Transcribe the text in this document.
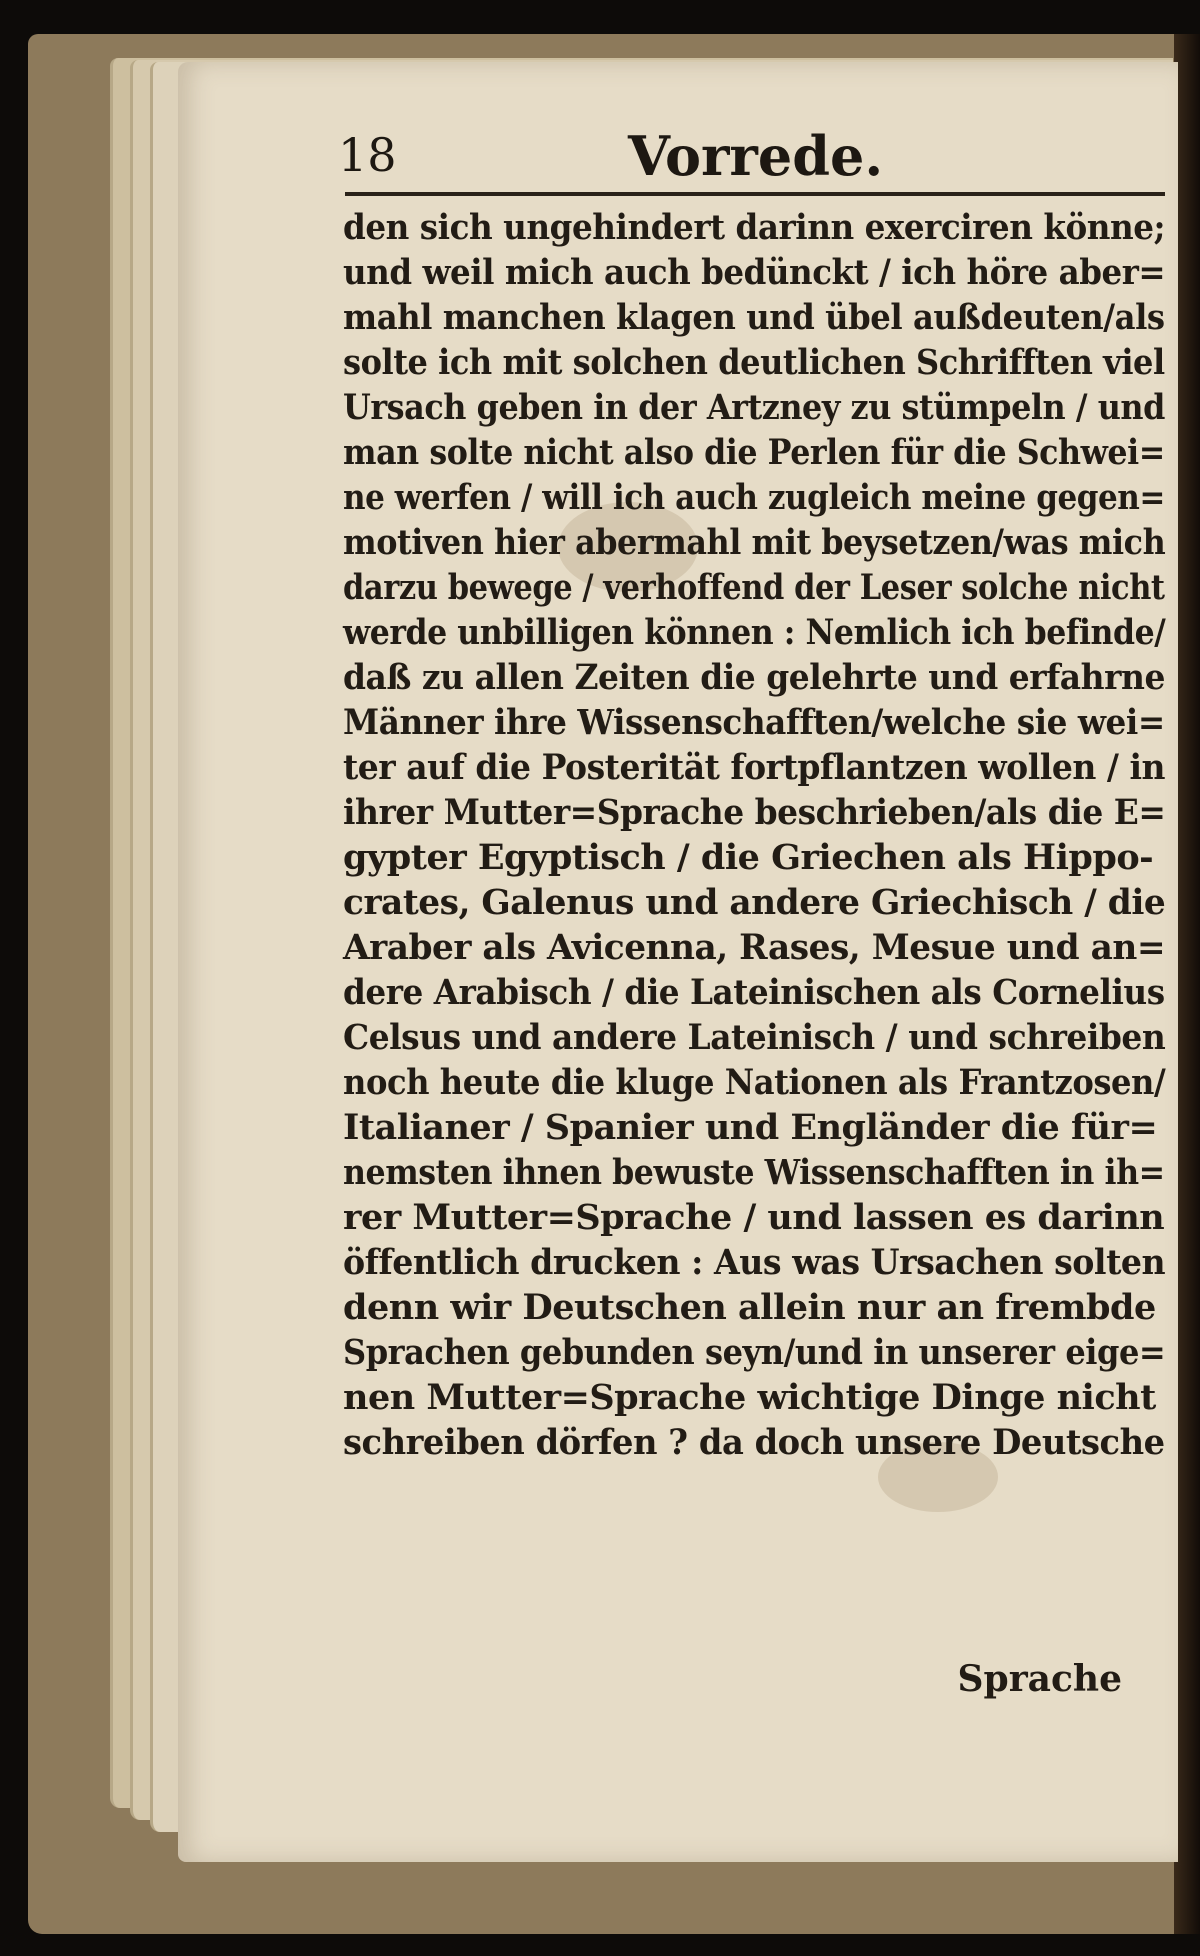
18	Vorrede.
den sich ungehindert darinn exerciren könne;
und weil mich auch bedünckt / ich höre aber=
mahl manchen klagen und übel außdeuten/als
solte ich mit solchen deutlichen Schrifften viel
Ursach geben in der Artzney zu stümpeln / und
man solte nicht also die Perlen für die Schwei=
ne werfen / will ich auch zugleich meine gegen=
motiven hier abermahl mit beysetzen/was mich
darzu bewege / verhoffend der Leser solche nicht
werde unbilligen können : Nemlich ich befinde/
daß zu allen Zeiten die gelehrte und erfahrne
Männer ihre Wissenschafften/welche sie wei=
ter auf die Posterität fortpflantzen wollen / in
ihrer Mutter=Sprache beschrieben/als die E=
gypter Egyptisch / die Griechen als Hippo-
crates, Galenus und andere Griechisch / die
Araber als Avicenna, Rases, Mesue und an=
dere Arabisch / die Lateinischen als Cornelius
Celsus und andere Lateinisch / und schreiben
noch heute die kluge Nationen als Frantzosen/
Italianer / Spanier und Engländer die für=
nemsten ihnen bewuste Wissenschafften in ih=
rer Mutter=Sprache / und lassen es darinn
öffentlich drucken : Aus was Ursachen solten
denn wir Deutschen allein nur an frembde
Sprachen gebunden seyn/und in unserer eige=
nen Mutter=Sprache wichtige Dinge nicht
schreiben dörfen ? da doch unsere Deutsche
Sprache
